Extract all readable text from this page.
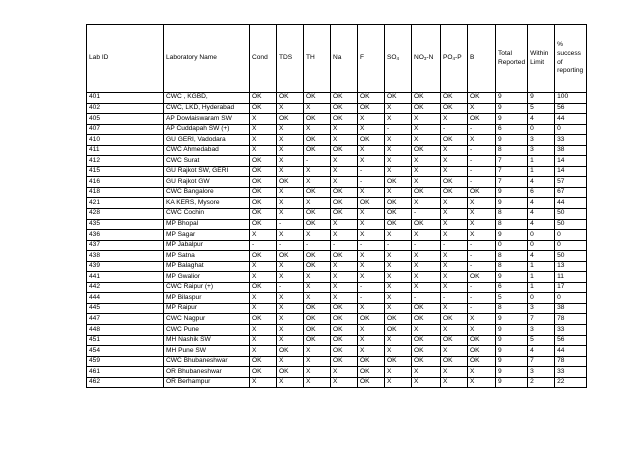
Lab ID	Laboratory Name	Cond	TDS	TH	Na	F	$SO_4$	$NO_3-N$	$PO_4-P$	B	Total Reported	Within Limit	% success of reporting
401	CWC , KGBD,	OK	OK	OK	OK	OK	OK	OK	OK	OK	9	9	100
402	CWC, LKD, Hyderabad	OK	X	X	OK	OK	X	OK	OK	X	9	5	56
405	AP Dowlaiswaram SW	X	OK	OK	OK	X	X	X	X	OK	9	4	44
407	AP Cuddapah SW (+)	X	X	X	X	X	-	X	-	-	6	0	0
410	GU GERI, Vadodara	X	X	OK	X	OK	X	X	OK	X	9	3	33
411	CWC Ahmedabad	X	X	OK	OK	X	X	OK	X	-	8	3	38
412	CWC Surat	OK	X	-	X	X	X	X	X	-	7	1	14
415	GU Rajkot SW, GERI	OK	X	X	X	-	X	X	X	-	7	1	14
416	GU Rajkot GW	OK	OK	X	X	-	OK	X	OK	-	7	4	57
418	CWC Bangalore	OK	X	OK	OK	X	X	OK	OK	OK	9	6	67
421	KA KERS, Mysore	OK	X	X	OK	OK	OK	X	X	X	9	4	44
428	CWC Cochin	OK	X	OK	OK	X	OK	-	X	X	8	4	50
435	MP Bhopal	OK	-	OK	X	X	OK	OK	X	X	8	4	50
436	MP Sagar	X	X	X	X	X	X	X	X	X	9	0	0
437	MP Jabalpur	-	-	-	-	-	-	-	-	-	0	0	0
438	MP Satna	OK	OK	OK	OK	X	X	X	X	-	8	4	50
439	MP Balaghat	X	X	OK	X	X	X	X	X	-	8	1	13
441	MP Gwalior	X	X	X	X	X	X	X	X	OK	9	1	11
442	CWC Raipur (+)	OK	-	X	X	-	X	X	X	-	6	1	17
444	MP Bilaspur	X	X	X	X	-	X	-	-	-	5	0	0
445	MP Raipur	X	X	OK	OK	X	X	OK	X	-	8	3	38
447	CWC Nagpur	OK	X	OK	OK	OK	OK	OK	OK	X	9	7	78
448	CWC Pune	X	X	OK	OK	X	OK	X	X	X	9	3	33
451	MH Nashik SW	X	X	OK	OK	X	X	OK	OK	OK	9	5	56
454	MH Pune SW	X	OK	X	OK	X	X	OK	X	OK	9	4	44
459	CWC Bhubaneshwar	OK	X	X	OK	OK	OK	OK	OK	OK	9	7	78
461	OR Bhubaneshwar	OK	OK	X	X	OK	X	X	X	X	9	3	33
462	OR Berhampur	X	X	X	X	OK	X	X	X	X	9	2	22
